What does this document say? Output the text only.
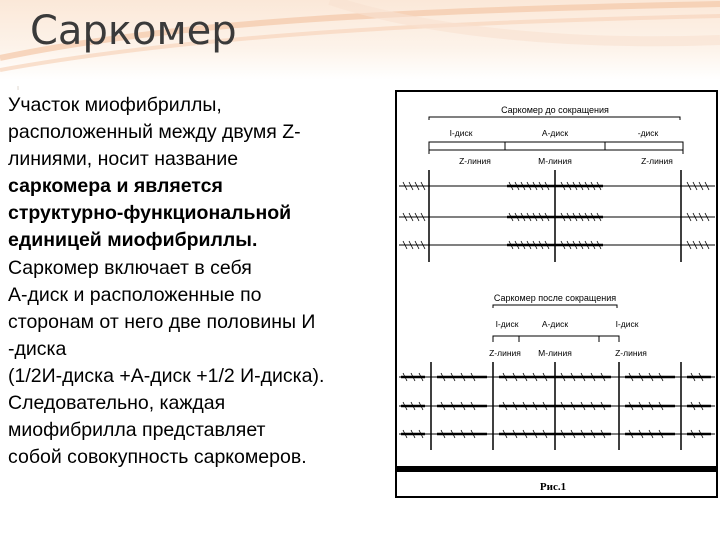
Саркомер
Участок миофибриллы,
расположенный между двумя Z-
линиями, носит название
саркомера и является
структурно-функциональной
единицей миофибриллы.
Саркомер включает в себя
А-диск и расположенные по
сторонам от него две половины И
-диска
(1/2И-диска +А-диск +1/2 И-диска).
Следовательно, каждая
миофибрилла представляет
собой совокупность саркомеров.
Саркомер до сокращения
I-диск	А-диск	-диск
Z-линия	М-линия	Z-линия
Саркомер после сокращения
I-диск	А-диск	I-диск
Z-линия М-линия	Z-линия
Рис.1
